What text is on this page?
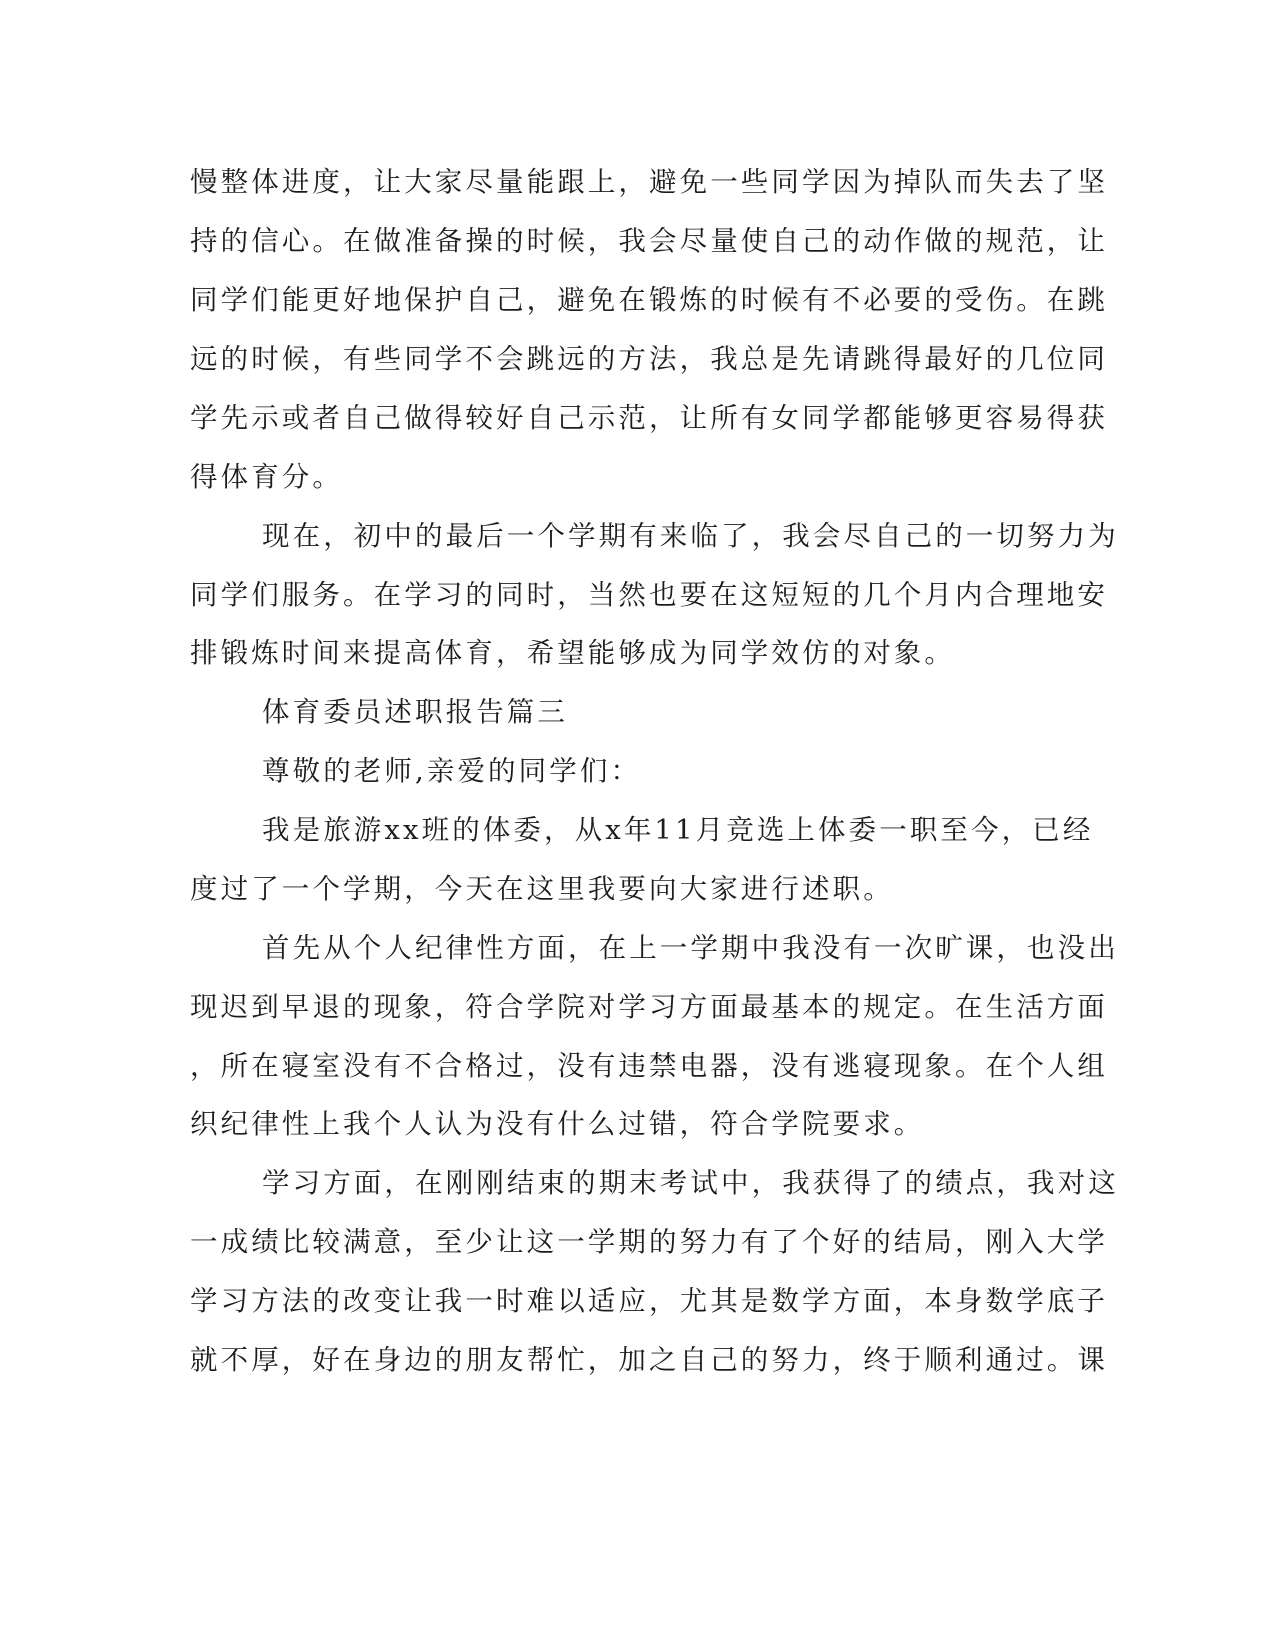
慢整体进度，让大家尽量能跟上，避免一些同学因为掉队而失去了坚
持的信心。在做准备操的时候，我会尽量使自己的动作做的规范，让
同学们能更好地保护自己，避免在锻炼的时候有不必要的受伤。在跳
远的时候，有些同学不会跳远的方法，我总是先请跳得最好的几位同
学先示或者自己做得较好自己示范，让所有女同学都能够更容易得获
得体育分。
现在，初中的最后一个学期有来临了，我会尽自己的一切努力为
同学们服务。在学习的同时，当然也要在这短短的几个月内合理地安
排锻炼时间来提高体育，希望能够成为同学效仿的对象。
体育委员述职报告篇三
尊敬的老师,亲爱的同学们：
我是旅游xx班的体委，从x年11月竞选上体委一职至今，已经
度过了一个学期，今天在这里我要向大家进行述职。
首先从个人纪律性方面，在上一学期中我没有一次旷课，也没出
现迟到早退的现象，符合学院对学习方面最基本的规定。在生活方面
，所在寝室没有不合格过，没有违禁电器，没有逃寝现象。在个人组
织纪律性上我个人认为没有什么过错，符合学院要求。
学习方面，在刚刚结束的期末考试中，我获得了的绩点，我对这
一成绩比较满意，至少让这一学期的努力有了个好的结局，刚入大学
学习方法的改变让我一时难以适应，尤其是数学方面，本身数学底子
就不厚，好在身边的朋友帮忙，加之自己的努力，终于顺利通过。课
